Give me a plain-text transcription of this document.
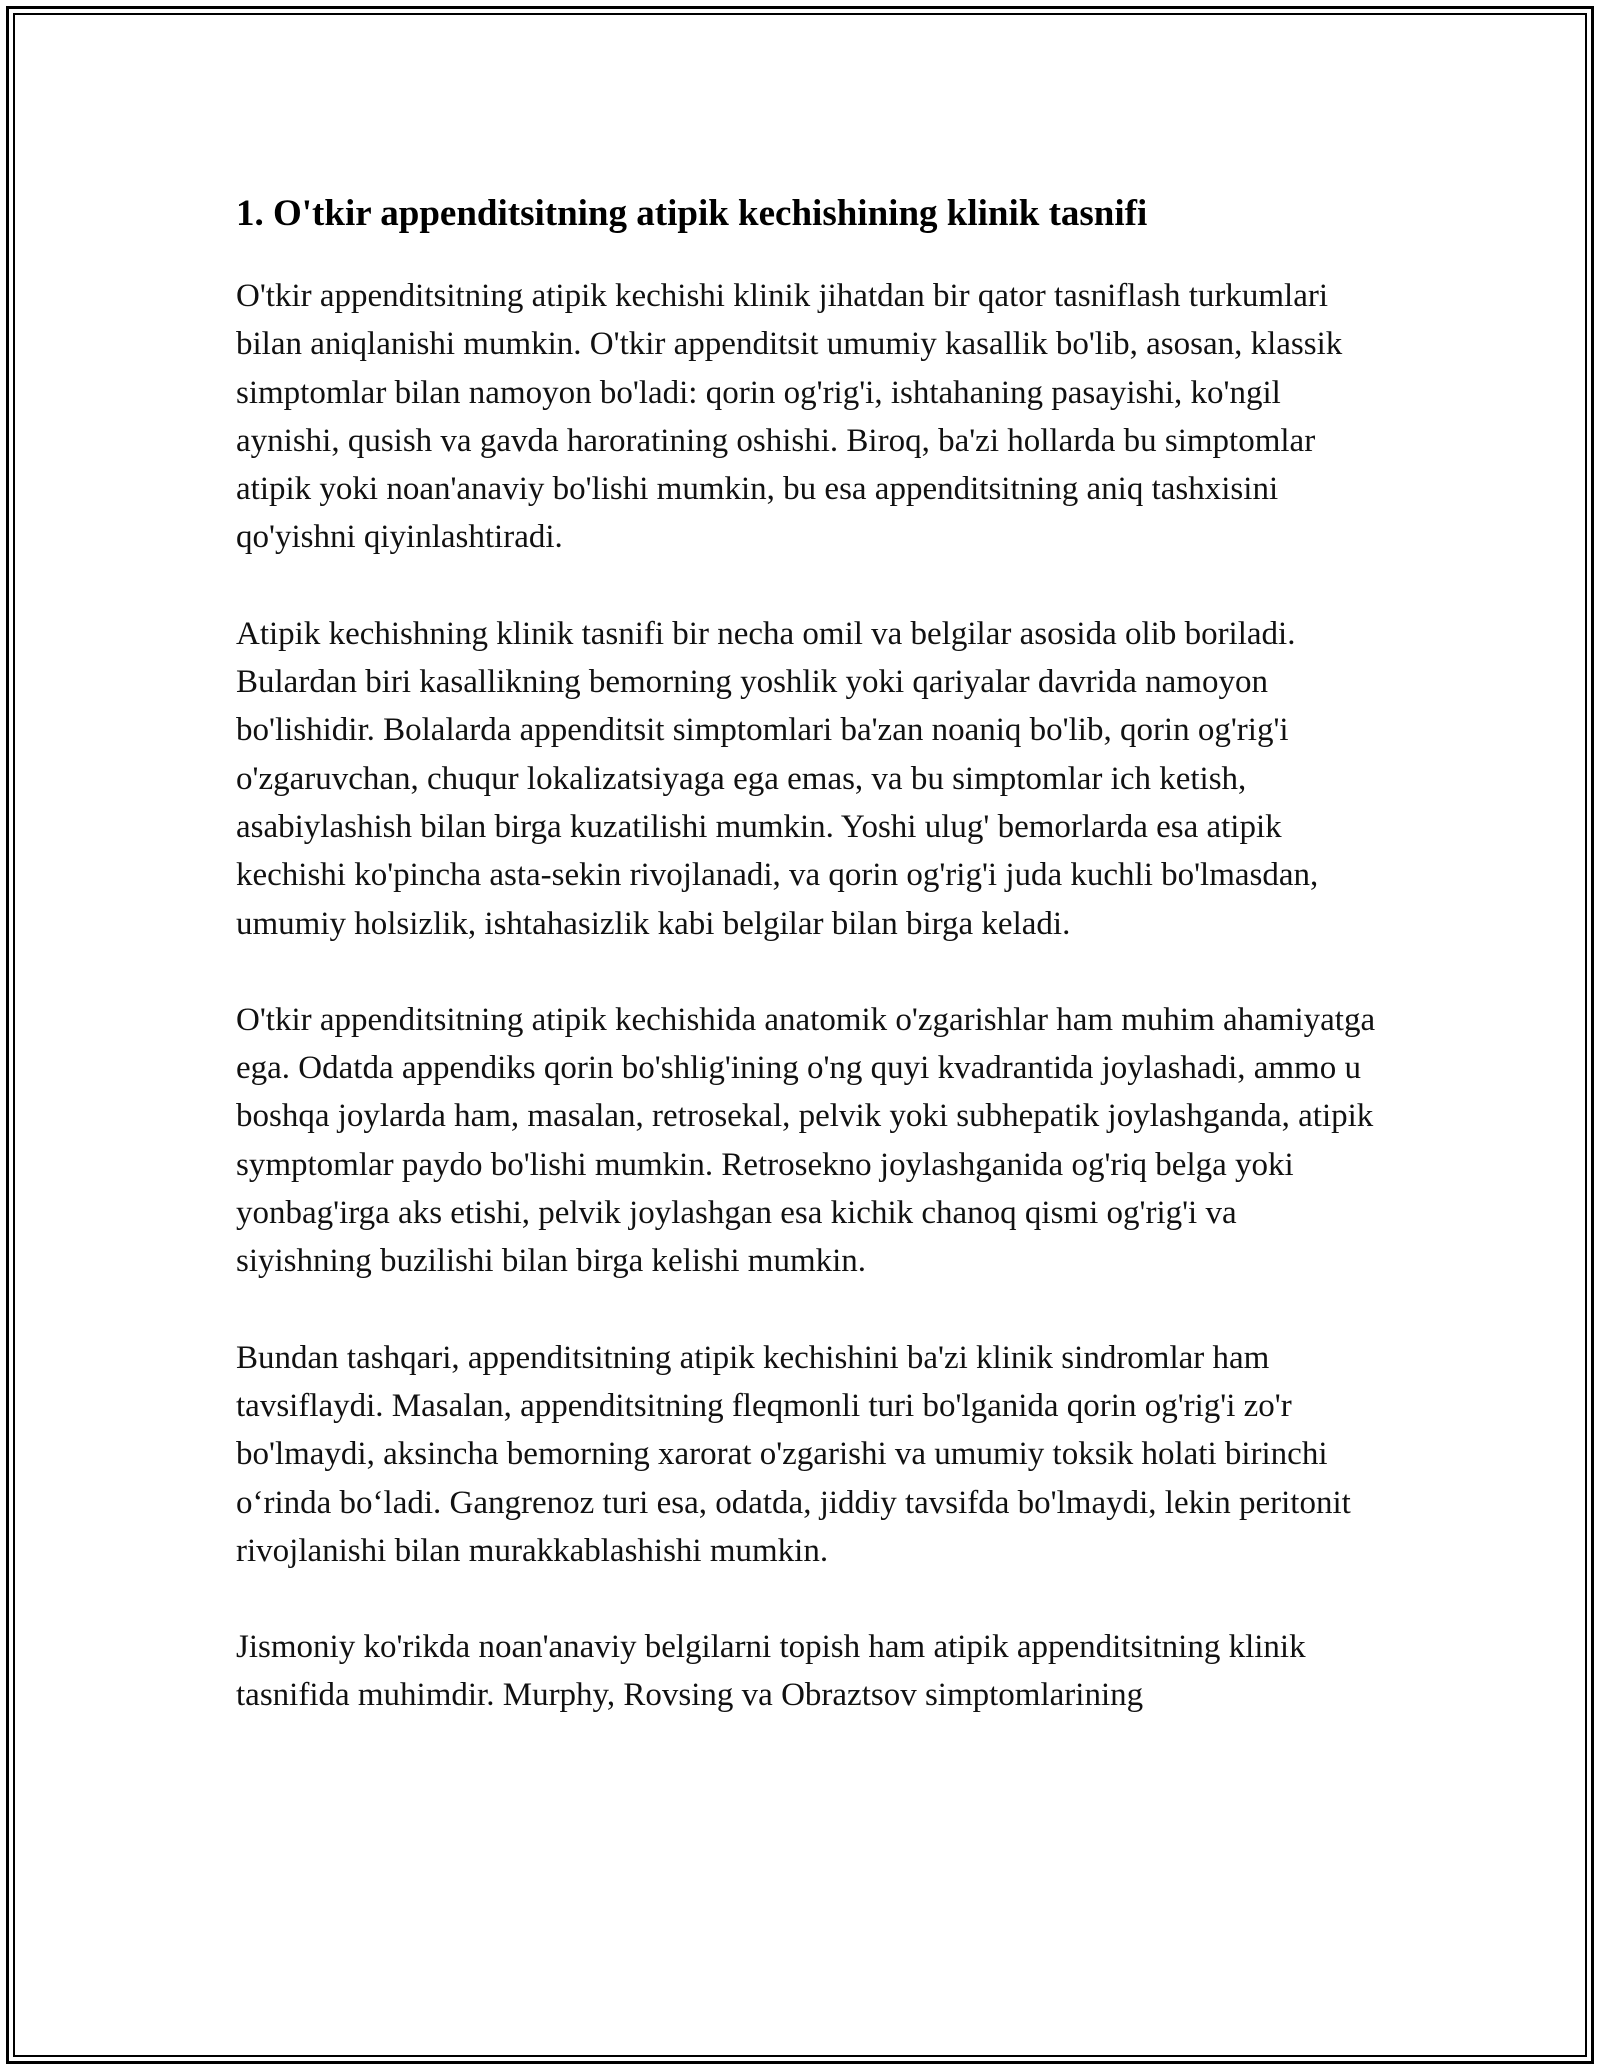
1. O'tkir appenditsitning atipik kechishining klinik tasnifi

O'tkir appenditsitning atipik kechishi klinik jihatdan bir qator tasniflash turkumlari bilan aniqlanishi mumkin. O'tkir appenditsit umumiy kasallik bo'lib, asosan, klassik simptomlar bilan namoyon bo'ladi: qorin og'rig'i, ishtahaning pasayishi, ko'ngil aynishi, qusish va gavda haroratining oshishi. Biroq, ba'zi hollarda bu simptomlar atipik yoki noan'anaviy bo'lishi mumkin, bu esa appenditsitning aniq tashxisini qo'yishni qiyinlashtiradi.

Atipik kechishning klinik tasnifi bir necha omil va belgilar asosida olib boriladi. Bulardan biri kasallikning bemorning yoshlik yoki qariyalar davrida namoyon bo'lishidir. Bolalarda appenditsit simptomlari ba'zan noaniq bo'lib, qorin og'rig'i o'zgaruvchan, chuqur lokalizatsiyaga ega emas, va bu simptomlar ich ketish, asabiylashish bilan birga kuzatilishi mumkin. Yoshi ulug' bemorlarda esa atipik kechishi ko'pincha asta-sekin rivojlanadi, va qorin og'rig'i juda kuchli bo'lmasdan, umumiy holsizlik, ishtahasizlik kabi belgilar bilan birga keladi.

O'tkir appenditsitning atipik kechishida anatomik o'zgarishlar ham muhim ahamiyatga ega. Odatda appendiks qorin bo'shlig'ining o'ng quyi kvadrantida joylashadi, ammo u boshqa joylarda ham, masalan, retrosekal, pelvik yoki subhepatik joylashganda, atipik symptomlar paydo bo'lishi mumkin. Retrosekno joylashganida og'riq belga yoki yonbag'irga aks etishi, pelvik joylashgan esa kichik chanoq qismi og'rig'i va siyishning buzilishi bilan birga kelishi mumkin.

Bundan tashqari, appenditsitning atipik kechishini ba'zi klinik sindromlar ham tavsiflaydi. Masalan, appenditsitning fleqmonli turi bo'lganida qorin og'rig'i zo'r bo'lmaydi, aksincha bemorning xarorat o'zgarishi va umumiy toksik holati birinchi oʻrinda boʻladi. Gangrenoz turi esa, odatda, jiddiy tavsifda bo'lmaydi, lekin peritonit rivojlanishi bilan murakkablashishi mumkin.

Jismoniy ko'rikda noan'anaviy belgilarni topish ham atipik appenditsitning klinik tasnifida muhimdir. Murphy, Rovsing va Obraztsov simptomlarining
